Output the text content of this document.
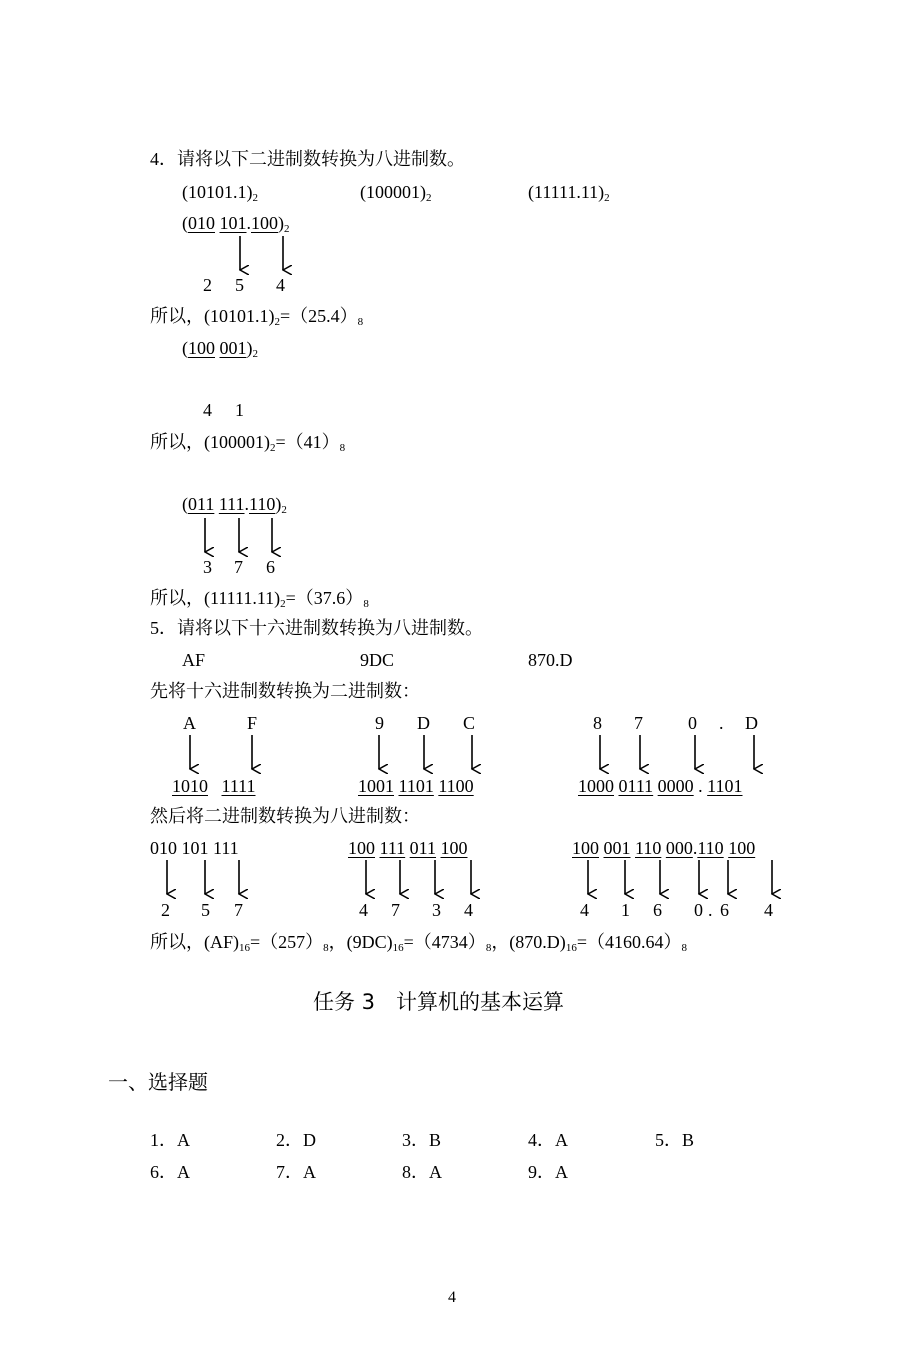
4．请将以下二进制数转换为八进制数。
$(10101.1)_2$	$(100001)_2$	$(11111.11)_2$
(010 $101.100)_2$
2 5 4
所以，$(10101.1)_2=(25.4)_8$
(100 $001)_2$
4 1
所以，$(100001)_2=(41)_8$
(011 $111.110)_2$
3 7 6
所以，$(11111.11)_2=(37.6)_8$
5．请将以下十六进制数转换为八进制数。
AF	9DC	870.D
先将十六进制数转换为二进制数：
A	F	9 D C	8 7	0 . D
1010 1111	1001 1101 1100	1000 0111 0000 . 1101
然后将二进制数转换为八进制数：
010 101 111	100 111 011 100	100 001 110 000.110 100
2 5 7	4 7 3 4	4 1 6 0 . 6 4
所以，$(AF)_{16}=(257)_8$，$(9DC)_{16}=(4734)_8$，$(870.D)_{16}=(4160.64)_8$
任务 3　计算机的基本运算
一、选择题
1．A	2．D	3．B	4．A	5．B
6．A	7．A	8．A	9．A
4
